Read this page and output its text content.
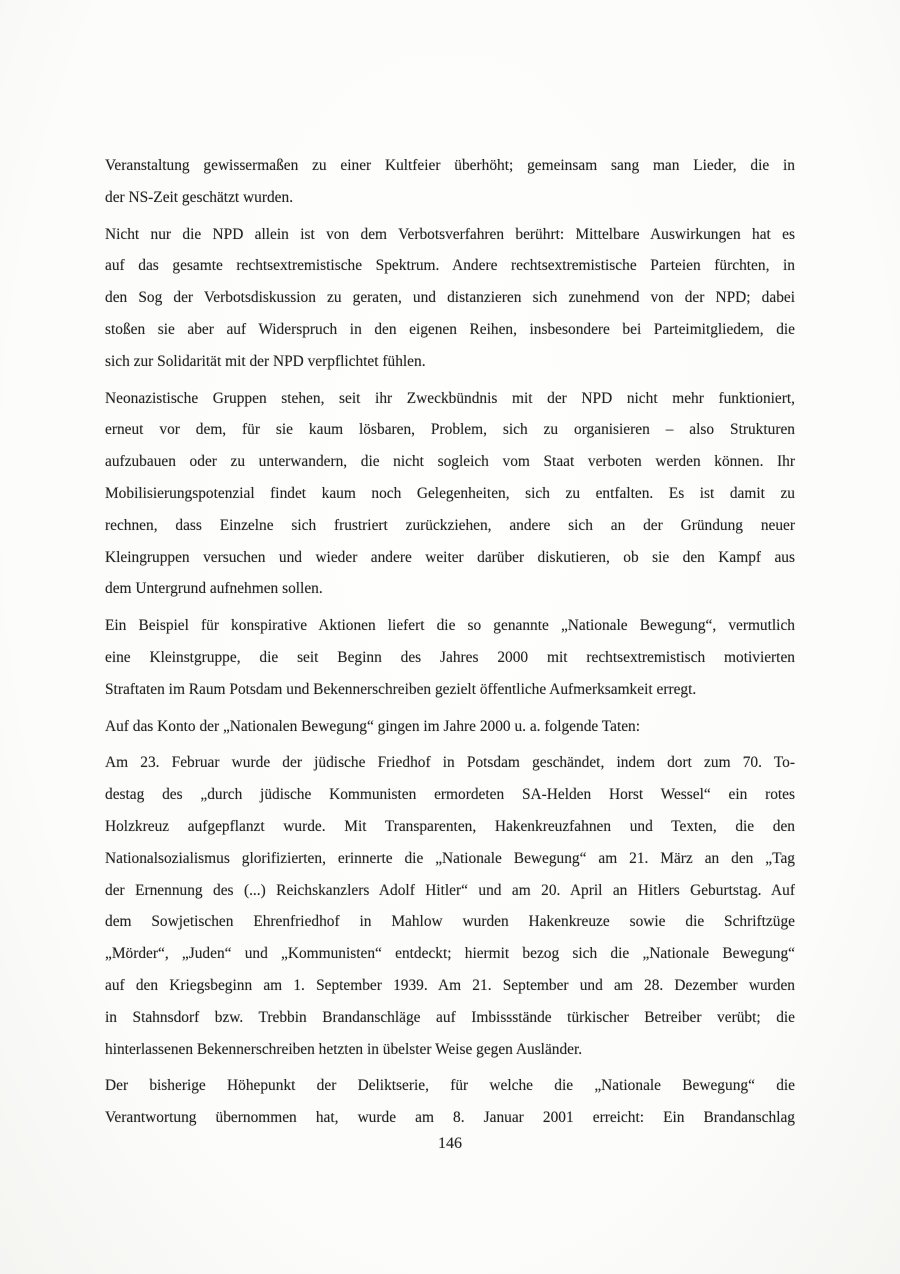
Veranstaltung gewissermaßen zu einer Kultfeier überhöht; gemeinsam sang man Lieder, die in
der NS-Zeit geschätzt wurden.
Nicht nur die NPD allein ist von dem Verbotsverfahren berührt: Mittelbare Auswirkungen hat es
auf das gesamte rechtsextremistische Spektrum. Andere rechtsextremistische Parteien fürchten, in
den Sog der Verbotsdiskussion zu geraten, und distanzieren sich zunehmend von der NPD; dabei
stoßen sie aber auf Widerspruch in den eigenen Reihen, insbesondere bei Parteimitgliedem, die
sich zur Solidarität mit der NPD verpflichtet fühlen.
Neonazistische Gruppen stehen, seit ihr Zweckbündnis mit der NPD nicht mehr funktioniert,
erneut vor dem, für sie kaum lösbaren, Problem, sich zu organisieren – also Strukturen
aufzubauen oder zu unterwandern, die nicht sogleich vom Staat verboten werden können. Ihr
Mobilisierungspotenzial findet kaum noch Gelegenheiten, sich zu entfalten. Es ist damit zu
rechnen, dass Einzelne sich frustriert zurückziehen, andere sich an der Gründung neuer
Kleingruppen versuchen und wieder andere weiter darüber diskutieren, ob sie den Kampf aus
dem Untergrund aufnehmen sollen.
Ein Beispiel für konspirative Aktionen liefert die so genannte „Nationale Bewegung“, vermutlich
eine Kleinstgruppe, die seit Beginn des Jahres 2000 mit rechtsextremistisch motivierten
Straftaten im Raum Potsdam und Bekennerschreiben gezielt öffentliche Aufmerksamkeit erregt.
Auf das Konto der „Nationalen Bewegung“ gingen im Jahre 2000 u. a. folgende Taten:
Am 23. Februar wurde der jüdische Friedhof in Potsdam geschändet, indem dort zum 70. To-
destag des „durch jüdische Kommunisten ermordeten SA-Helden Horst Wessel“ ein rotes
Holzkreuz aufgepflanzt wurde. Mit Transparenten, Hakenkreuzfahnen und Texten, die den
Nationalsozialismus glorifizierten, erinnerte die „Nationale Bewegung“ am 21. März an den „Tag
der Ernennung des (...) Reichskanzlers Adolf Hitler“ und am 20. April an Hitlers Geburtstag. Auf
dem Sowjetischen Ehrenfriedhof in Mahlow wurden Hakenkreuze sowie die Schriftzüge
„Mörder“, „Juden“ und „Kommunisten“ entdeckt; hiermit bezog sich die „Nationale Bewegung“
auf den Kriegsbeginn am 1. September 1939. Am 21. September und am 28. Dezember wurden
in Stahnsdorf bzw. Trebbin Brandanschläge auf Imbissstände türkischer Betreiber verübt; die
hinterlassenen Bekennerschreiben hetzten in übelster Weise gegen Ausländer.
Der bisherige Höhepunkt der Deliktserie, für welche die „Nationale Bewegung“ die
Verantwortung übernommen hat, wurde am 8. Januar 2001 erreicht: Ein Brandanschlag
146
